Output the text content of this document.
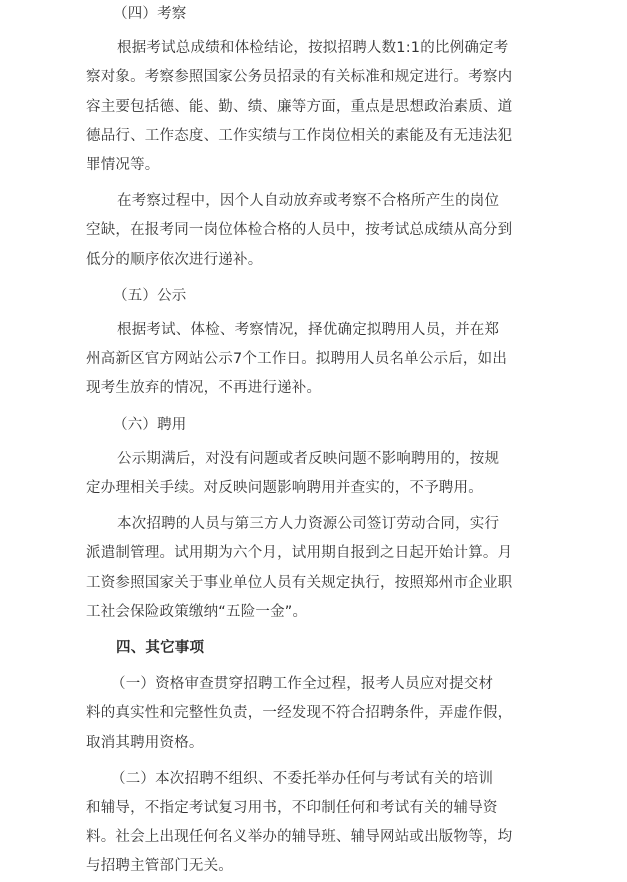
（四）考察

根据考试总成绩和体检结论，按拟招聘人数1:1的比例确定考

察对象。考察参照国家公务员招录的有关标准和规定进行。考察内

容主要包括德、能、勤、绩、廉等方面，重点是思想政治素质、道

德品行、工作态度、工作实绩与工作岗位相关的素能及有无违法犯

罪情况等。

在考察过程中，因个人自动放弃或考察不合格所产生的岗位

空缺，在报考同一岗位体检合格的人员中，按考试总成绩从高分到

低分的顺序依次进行递补。

（五）公示

根据考试、体检、考察情况，择优确定拟聘用人员，并在郑

州高新区官方网站公示7个工作日。拟聘用人员名单公示后，如出

现考生放弃的情况，不再进行递补。

（六）聘用

公示期满后，对没有问题或者反映问题不影响聘用的，按规

定办理相关手续。对反映问题影响聘用并查实的，不予聘用。

本次招聘的人员与第三方人力资源公司签订劳动合同，实行

派遣制管理。试用期为六个月，试用期自报到之日起开始计算。月

工资参照国家关于事业单位人员有关规定执行，按照郑州市企业职

工社会保险政策缴纳“五险一金”。

四、其它事项

（一）资格审查贯穿招聘工作全过程，报考人员应对提交材

料的真实性和完整性负责，一经发现不符合招聘条件，弄虚作假，

取消其聘用资格。

（二）本次招聘不组织、不委托举办任何与考试有关的培训

和辅导，不指定考试复习用书，不印制任何和考试有关的辅导资

料。社会上出现任何名义举办的辅导班、辅导网站或出版物等，均

与招聘主管部门无关。
